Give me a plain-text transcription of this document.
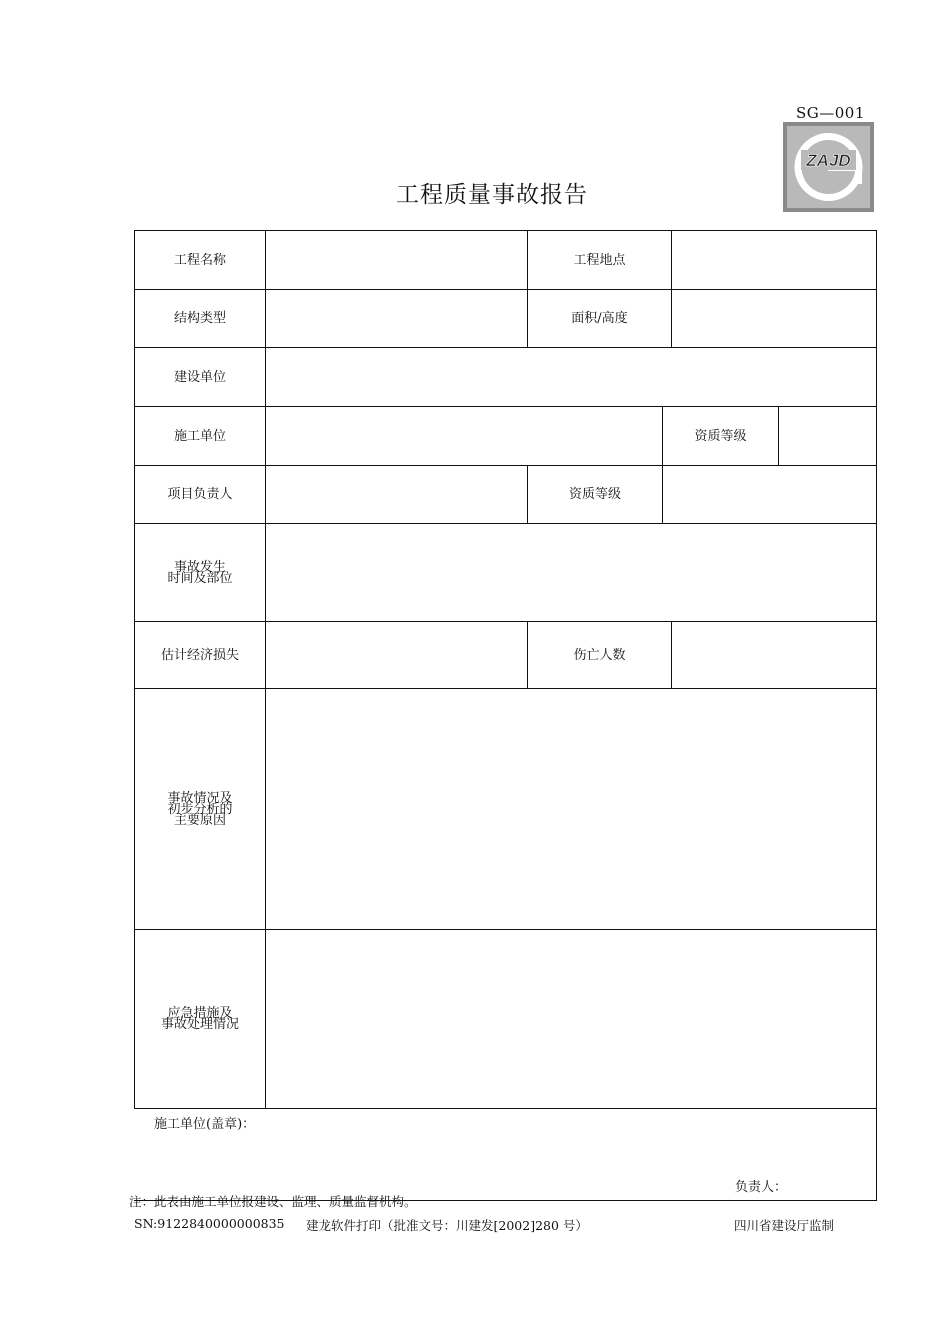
SG—001
ZAJD
工程质量事故报告
工程名称	工程地点
结构类型	面积/高度
建设单位
施工单位	资质等级
项目负责人	资质等级
事故发生
时间及部位
估计经济损失	伤亡人数
事故情况及
初步分析的
主要原因
应急措施及
事故处理情况
施工单位(盖章)：
负责人：
注：此表由施工单位报建设、监理、质量监督机构。
SN:9122840000000835 建龙软件打印（批准文号：川建发[2002]280 号）	四川省建设厅监制
